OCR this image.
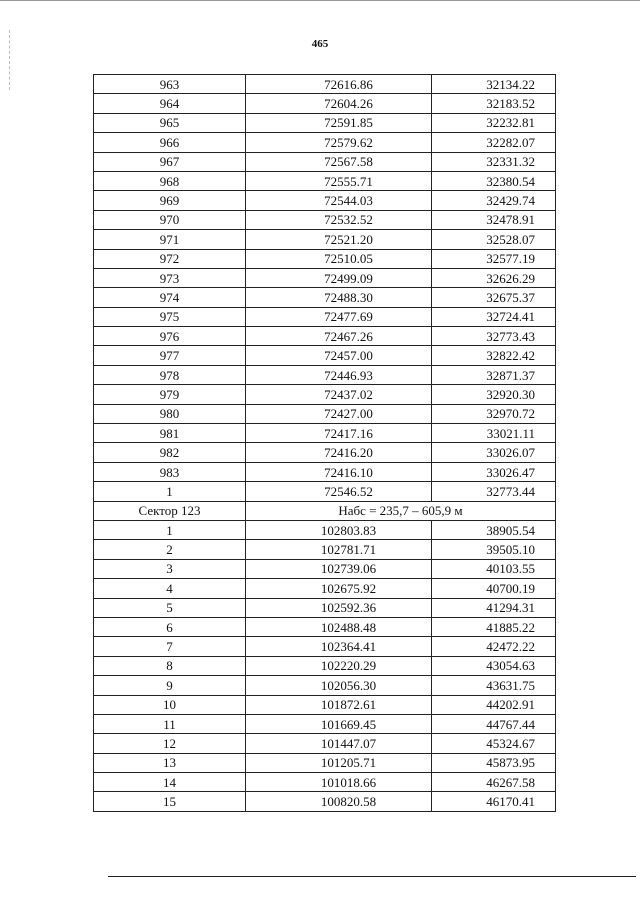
465
963	72616.86	32134.22
964	72604.26	32183.52
965	72591.85	32232.81
966	72579.62	32282.07
967	72567.58	32331.32
968	72555.71	32380.54
969	72544.03	32429.74
970	72532.52	32478.91
971	72521.20	32528.07
972	72510.05	32577.19
973	72499.09	32626.29
974	72488.30	32675.37
975	72477.69	32724.41
976	72467.26	32773.43
977	72457.00	32822.42
978	72446.93	32871.37
979	72437.02	32920.30
980	72427.00	32970.72
981	72417.16	33021.11
982	72416.20	33026.07
983	72416.10	33026.47
1	72546.52	32773.44
Сектор 123	Набс = 235,7 – 605,9 м	
1	102803.83	38905.54
2	102781.71	39505.10
3	102739.06	40103.55
4	102675.92	40700.19
5	102592.36	41294.31
6	102488.48	41885.22
7	102364.41	42472.22
8	102220.29	43054.63
9	102056.30	43631.75
10	101872.61	44202.91
11	101669.45	44767.44
12	101447.07	45324.67
13	101205.71	45873.95
14	101018.66	46267.58
15	100820.58	46170.41
